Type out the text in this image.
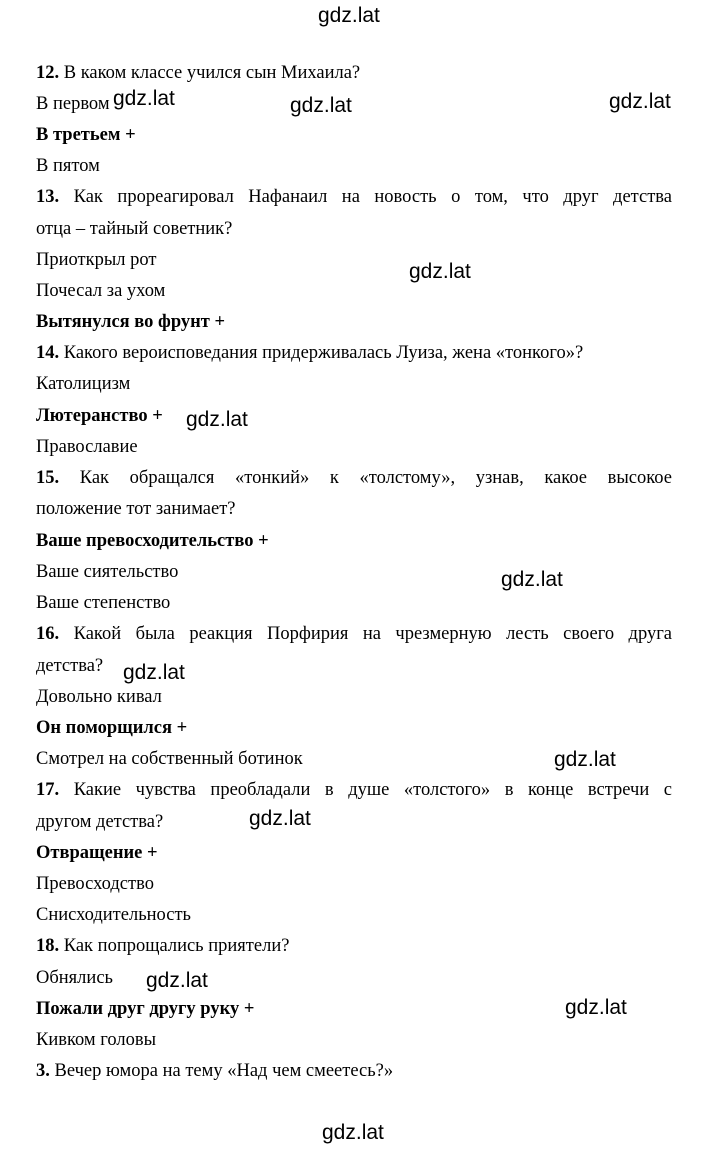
12. В каком классе учился сын Михаила?
В первом
В третьем +
В пятом
13. Как прореагировал Нафанаил на новость о том, что друг детства
отца – тайный советник?
Приоткрыл рот
Почесал за ухом
Вытянулся во фрунт +
14. Какого вероисповедания придерживалась Луиза, жена «тонкого»?
Католицизм
Лютеранство +
Православие
15. Как обращался «тонкий» к «толстому», узнав, какое высокое
положение тот занимает?
Ваше превосходительство +
Ваше сиятельство
Ваше степенство
16. Какой была реакция Порфирия на чрезмерную лесть своего друга
детства?
Довольно кивал
Он поморщился +
Смотрел на собственный ботинок
17. Какие чувства преобладали в душе «толстого» в конце встречи с
другом детства?
Отвращение +
Превосходство
Снисходительность
18. Как попрощались приятели?
Обнялись
Пожали друг другу руку +
Кивком головы
3. Вечер юмора на тему «Над чем смеетесь?»
gdz.lat
gdz.lat	gdz.lat	gdz.lat
gdz.lat
gdz.lat
gdz.lat
gdz.lat
gdz.lat
gdz.lat
gdz.lat
gdz.lat
gdz.lat
